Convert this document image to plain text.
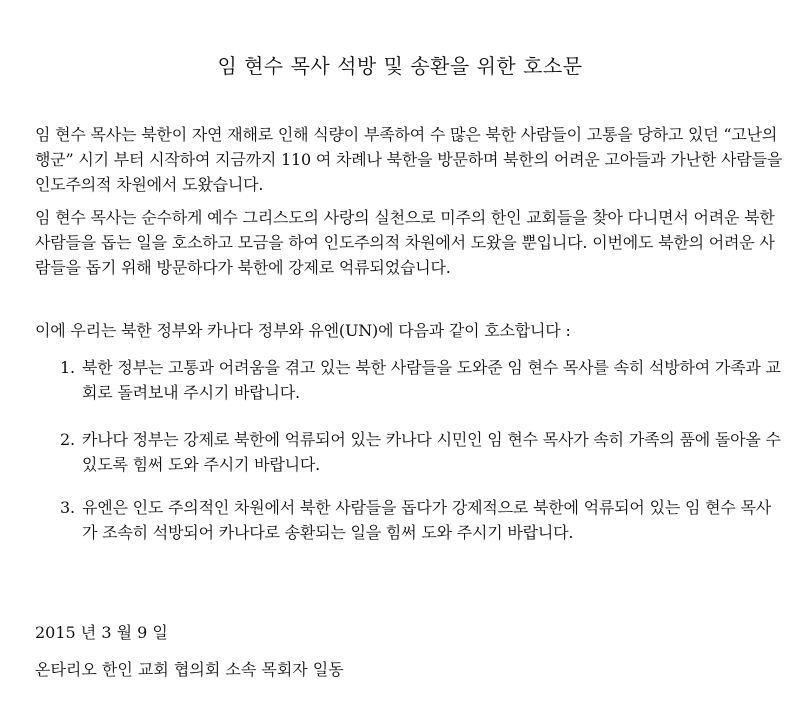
임 현수 목사 석방 및 송환을 위한 호소문

임 현수 목사는 북한이 자연 재해로 인해 식량이 부족하여 수 많은 북한 사람들이 고통을 당하고 있던 “고난의 행군” 시기 부터 시작하여 지금까지 110 여 차례나 북한을 방문하며 북한의 어려운 고아들과 가난한 사람들을 인도주의적 차원에서 도왔습니다.

임 현수 목사는 순수하게 예수 그리스도의 사랑의 실천으로 미주의 한인 교회들을 찾아 다니면서 어려운 북한 사람들을 돕는 일을 호소하고 모금을 하여 인도주의적 차원에서 도왔을 뿐입니다. 이번에도 북한의 어려운 사람들을 돕기 위해 방문하다가 북한에 강제로 억류되었습니다.

이에 우리는 북한 정부와 카나다 정부와 유엔(UN)에 다음과 같이 호소합니다 :

1. 북한 정부는 고통과 어려움을 겪고 있는 북한 사람들을 도와준 임 현수 목사를 속히 석방하여 가족과 교회로 돌려보내 주시기 바랍니다.
2. 카나다 정부는 강제로 북한에 억류되어 있는 카나다 시민인 임 현수 목사가 속히 가족의 품에 돌아올 수 있도록 힘써 도와 주시기 바랍니다.
3. 유엔은 인도 주의적인 차원에서 북한 사람들을 돕다가 강제적으로 북한에 억류되어 있는 임 현수 목사가 조속히 석방되어 카나다로 송환되는 일을 힘써 도와 주시기 바랍니다.
2015 년 3 월 9 일
온타리오 한인 교회 협의회 소속 목회자 일동
